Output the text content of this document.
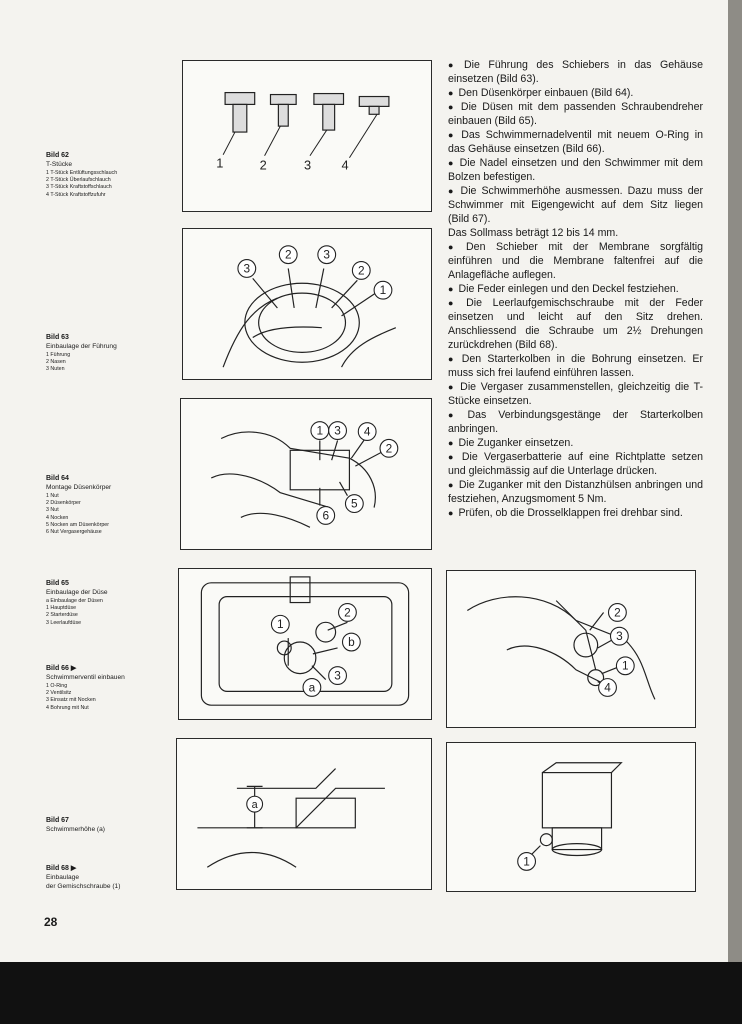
Bild 62
T-Stücke
1 T-Stück Entlüftungsschlauch
2 T-Stück Überlaufschlauch
3 T-Stück Kraftstoffschlauch
4 T-Stück Kraftstoffzufuhr
Bild 63
Einbaulage der Führung
1 Führung
2 Nasen
3 Nuten
Bild 64
Montage Düsenkörper
1 Nut
2 Düsenkörper
3 Nut
4 Nocken
5 Nocken am Düsenkörper
6 Nut Vergasergehäuse
Bild 65
Einbaulage der Düse
a Einbaulage der Düsen
1 Hauptdüse
2 Starterdüse
3 Leerlaufdüse
Bild 66 ▶
Schwimmerventil einbauen
1 O-Ring
2 Ventilsitz
3 Einsatz mit Nocken
4 Bohrung mit Nut
Bild 67
Schwimmerhöhe (a)
Bild 68 ▶
Einbaulage
der Gemischschraube (1)
1	2	3 4
3
2	3
2
1
1 3 4
2
5
6
1
2
b
a
3
2
3
1
4
a
1

● Die Führung des Schiebers in das Gehäuse einsetzen (Bild 63).

● Den Düsenkörper einbauen (Bild 64).

● Die Düsen mit dem passenden Schraubendreher einbauen (Bild 65).

● Das Schwimmernadelventil mit neuem O-Ring in das Gehäuse einsetzen (Bild 66).

● Die Nadel einsetzen und den Schwimmer mit dem Bolzen befestigen.

● Die Schwimmerhöhe ausmessen. Dazu muss der Schwimmer mit Eigengewicht auf dem Sitz liegen (Bild 67).

Das Sollmass beträgt 12 bis 14 mm.

● Den Schieber mit der Membrane sorgfältig einführen und die Membrane faltenfrei auf die Anlagefläche auflegen.

● Die Feder einlegen und den Deckel festziehen.

● Die Leerlaufgemischschraube mit der Feder einsetzen und leicht auf den Sitz drehen. Anschliessend die Schraube um 2½ Drehungen zurückdrehen (Bild 68).

● Den Starterkolben in die Bohrung einsetzen. Er muss sich frei laufend einführen lassen.

● Die Vergaser zusammenstellen, gleichzeitig die T-Stücke einsetzen.

● Das Verbindungsgestänge der Starterkolben anbringen.

● Die Zuganker einsetzen.

● Die Vergaserbatterie auf eine Richtplatte setzen und gleichmässig auf die Unterlage drücken.

● Die Zuganker mit den Distanzhülsen anbringen und festziehen, Anzugsmoment 5 Nm.

● Prüfen, ob die Drosselklappen frei drehbar sind.

28
